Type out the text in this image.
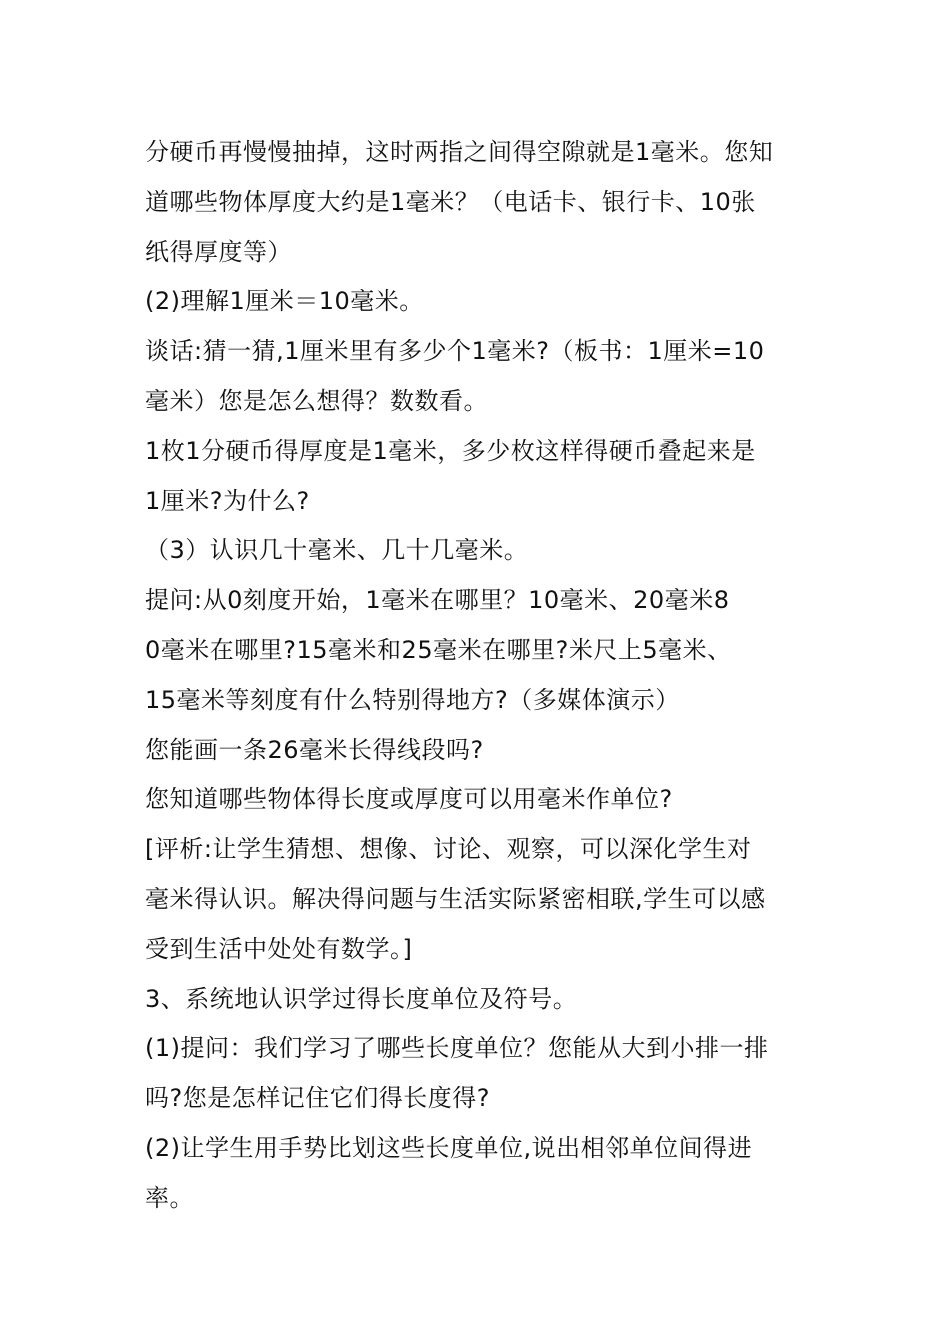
分硬币再慢慢抽掉，这时两指之间得空隙就是1毫米。您知
道哪些物体厚度大约是1毫米？（电话卡、银行卡、10张
纸得厚度等）
(2)理解1厘米＝10毫米。
谈话:猜一猜,1厘米里有多少个1毫米?（板书：1厘米=10
毫米）您是怎么想得？数数看。
1枚1分硬币得厚度是1毫米，多少枚这样得硬币叠起来是
1厘米?为什么?
（3）认识几十毫米、几十几毫米。
提问:从0刻度开始，1毫米在哪里？10毫米、20毫米8
0毫米在哪里?15毫米和25毫米在哪里?米尺上5毫米、
15毫米等刻度有什么特别得地方?（多媒体演示）
您能画一条26毫米长得线段吗?
您知道哪些物体得长度或厚度可以用毫米作单位?
[评析:让学生猜想、想像、讨论、观察，可以深化学生对
毫米得认识。解决得问题与生活实际紧密相联,学生可以感
受到生活中处处有数学。]
3、系统地认识学过得长度单位及符号。
(1)提问：我们学习了哪些长度单位？您能从大到小排一排
吗?您是怎样记住它们得长度得?
(2)让学生用手势比划这些长度单位,说出相邻单位间得进
率。
